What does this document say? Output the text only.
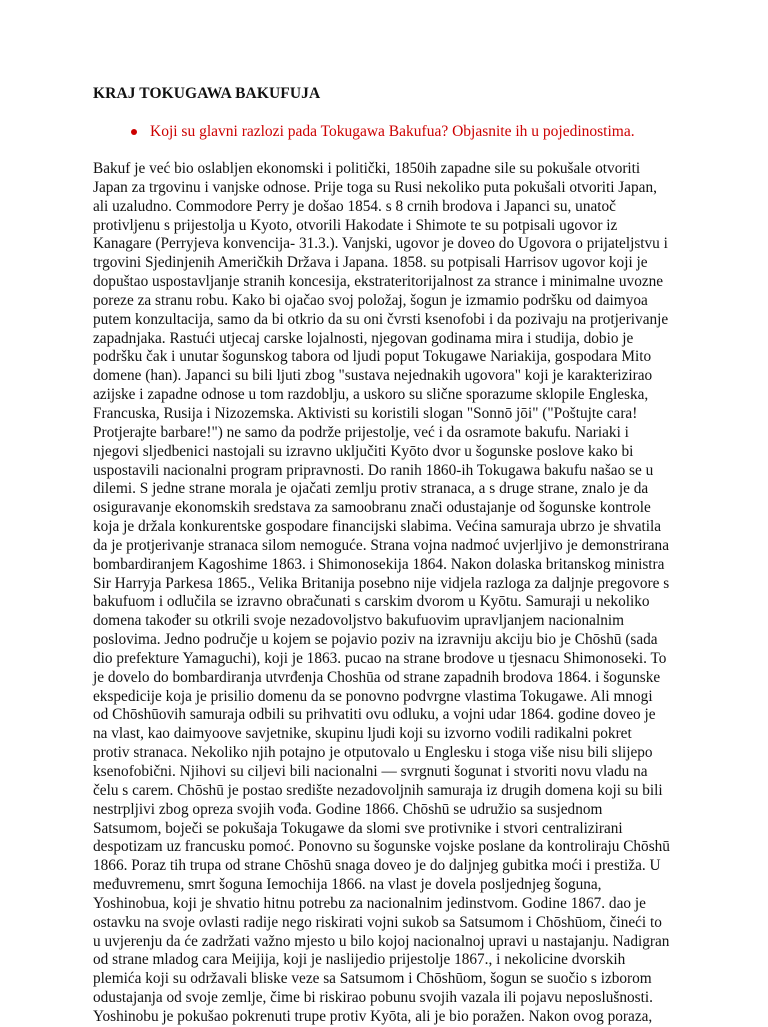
KRAJ TOKUGAWA BAKUFUJA
Koji su glavni razlozi pada Tokugawa Bakufua? Objasnite ih u pojedinostima.
Bakuf je već bio oslabljen ekonomski i politički, 1850ih zapadne sile su pokušale otvoriti
Japan za trgovinu i vanjske odnose. Prije toga su Rusi nekoliko puta pokušali otvoriti Japan,
ali uzaludno. Commodore Perry je došao 1854. s 8 crnih brodova i Japanci su, unatoč
protivljenu s prijestolja u Kyoto, otvorili Hakodate i Shimote te su potpisali ugovor iz
Kanagare (Perryjeva konvencija- 31.3.). Vanjski, ugovor je doveo do Ugovora o prijateljstvu i
trgovini Sjedinjenih Američkih Država i Japana. 1858. su potpisali Harrisov ugovor koji je
dopuštao uspostavljanje stranih koncesija, ekstrateritorijalnost za strance i minimalne uvozne
poreze za stranu robu. Kako bi ojačao svoj položaj, šogun je izmamio podršku od daimyoa
putem konzultacija, samo da bi otkrio da su oni čvrsti ksenofobi i da pozivaju na protjerivanje
zapadnjaka. Rastući utjecaj carske lojalnosti, njegovan godinama mira i studija, dobio je
podršku čak i unutar šogunskog tabora od ljudi poput Tokugawe Nariakija, gospodara Mito
domene (han). Japanci su bili ljuti zbog "sustava nejednakih ugovora" koji je karakterizirao
azijske i zapadne odnose u tom razdoblju, a uskoro su slične sporazume sklopile Engleska,
Francuska, Rusija i Nizozemska. Aktivisti su koristili slogan "Sonnō jōi" ("Poštujte cara!
Protjerajte barbare!") ne samo da podrže prijestolje, već i da osramote bakufu. Nariaki i
njegovi sljedbenici nastojali su izravno uključiti Kyōto dvor u šogunske poslove kako bi
uspostavili nacionalni program pripravnosti. Do ranih 1860-ih Tokugawa bakufu našao se u
dilemi. S jedne strane morala je ojačati zemlju protiv stranaca, a s druge strane, znalo je da
osiguravanje ekonomskih sredstava za samoobranu znači odustajanje od šogunske kontrole
koja je držala konkurentske gospodare financijski slabima. Većina samuraja ubrzo je shvatila
da je protjerivanje stranaca silom nemoguće. Strana vojna nadmoć uvjerljivo je demonstrirana
bombardiranjem Kagoshime 1863. i Shimonosekija 1864. Nakon dolaska britanskog ministra
Sir Harryja Parkesa 1865., Velika Britanija posebno nije vidjela razloga za daljnje pregovore s
bakufuom i odlučila se izravno obračunati s carskim dvorom u Kyōtu. Samuraji u nekoliko
domena također su otkrili svoje nezadovoljstvo bakufuovim upravljanjem nacionalnim
poslovima. Jedno područje u kojem se pojavio poziv na izravniju akciju bio je Chōshū (sada
dio prefekture Yamaguchi), koji je 1863. pucao na strane brodove u tjesnacu Shimonoseki. To
je dovelo do bombardiranja utvrđenja Choshūa od strane zapadnih brodova 1864. i šogunske
ekspedicije koja je prisilio domenu da se ponovno podvrgne vlastima Tokugawe. Ali mnogi
od Chōshūovih samuraja odbili su prihvatiti ovu odluku, a vojni udar 1864. godine doveo je
na vlast, kao daimyoove savjetnike, skupinu ljudi koji su izvorno vodili radikalni pokret
protiv stranaca. Nekoliko njih potajno je otputovalo u Englesku i stoga više nisu bili slijepo
ksenofobični. Njihovi su ciljevi bili nacionalni — svrgnuti šogunat i stvoriti novu vladu na
čelu s carem. Chōshū je postao središte nezadovoljnih samuraja iz drugih domena koji su bili
nestrpljivi zbog opreza svojih vođa. Godine 1866. Chōshū se udružio sa susjednom
Satsumom, boječi se pokušaja Tokugawe da slomi sve protivnike i stvori centralizirani
despotizam uz francusku pomoć. Ponovno su šogunske vojske poslane da kontroliraju Chōshū
1866. Poraz tih trupa od strane Chōshū snaga doveo je do daljnjeg gubitka moći i prestiža. U
međuvremenu, smrt šoguna Iemochija 1866. na vlast je dovela posljednjeg šoguna,
Yoshinobua, koji je shvatio hitnu potrebu za nacionalnim jedinstvom. Godine 1867. dao je
ostavku na svoje ovlasti radije nego riskirati vojni sukob sa Satsumom i Chōshūom, čineći to
u uvjerenju da će zadržati važno mjesto u bilo kojoj nacionalnoj upravi u nastajanju. Nadigran
od strane mladog cara Meijija, koji je naslijedio prijestolje 1867., i nekolicine dvorskih
plemića koji su održavali bliske veze sa Satsumom i Chōshūom, šogun se suočio s izborom
odustajanja od svoje zemlje, čime bi riskirao pobunu svojih vazala ili pojavu neposlušnosti.
Yoshinobu je pokušao pokrenuti trupe protiv Kyōta, ali je bio poražen. Nakon ovog poraza,
